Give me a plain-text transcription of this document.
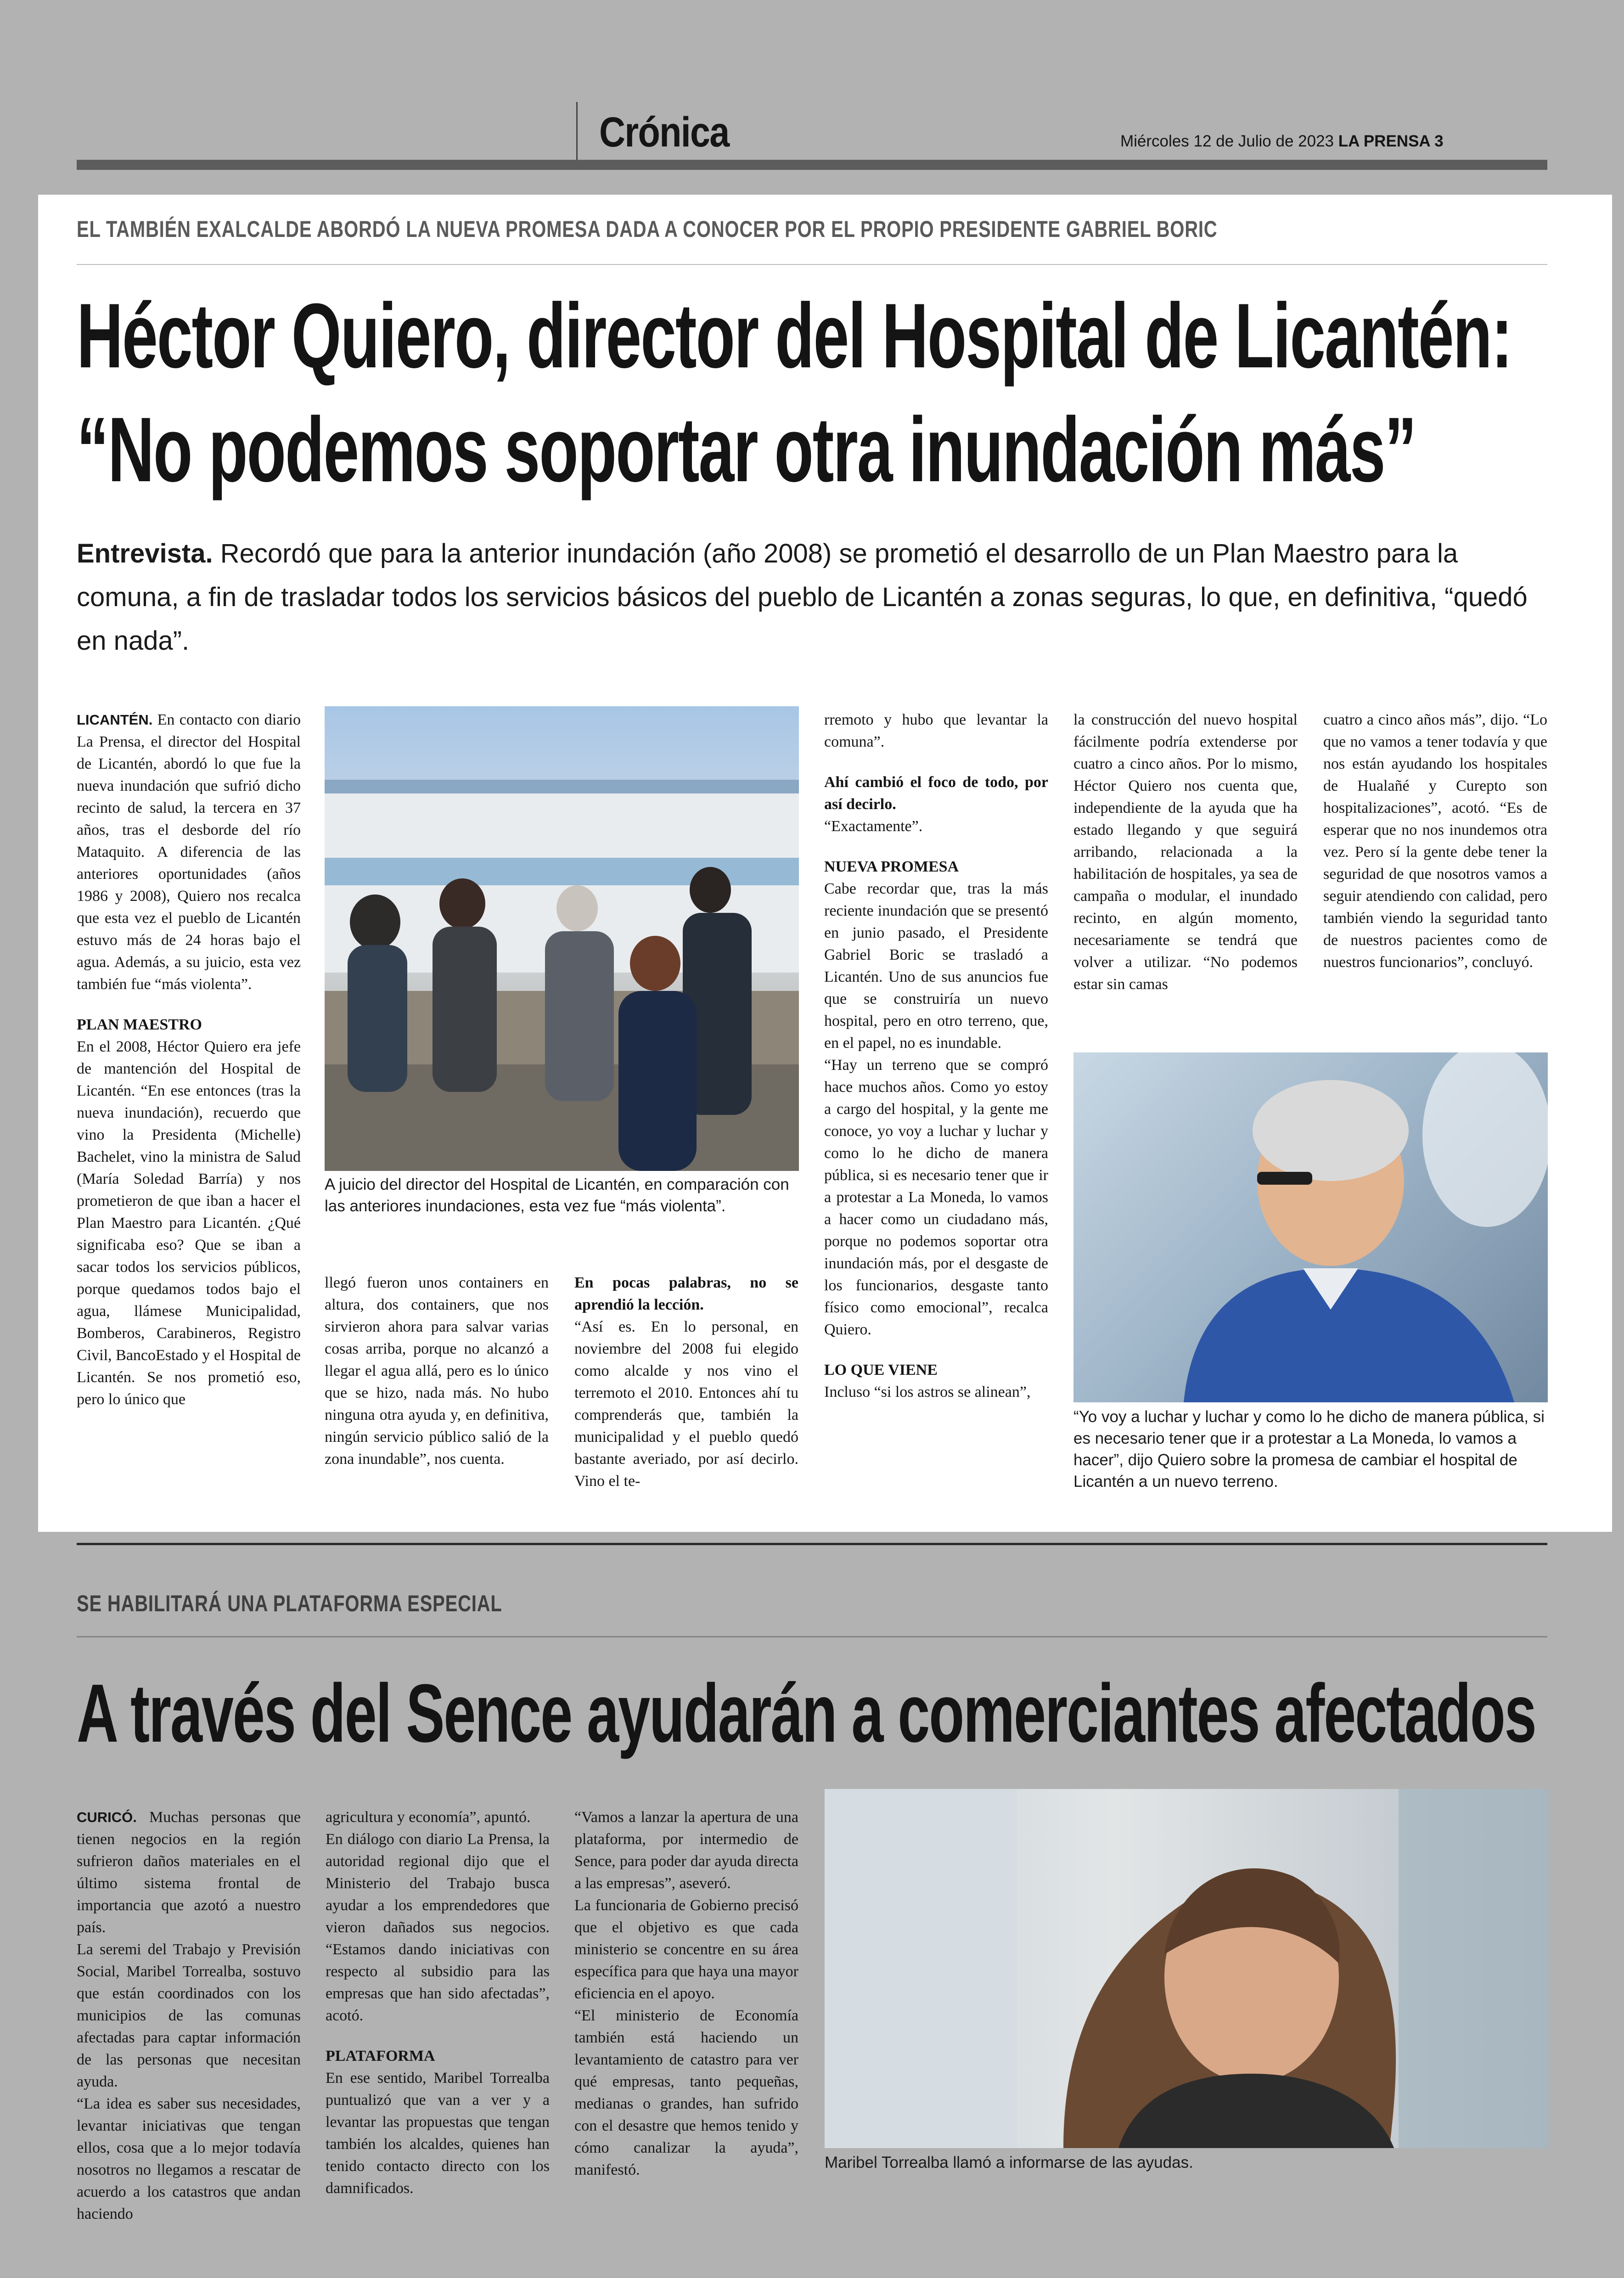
Crónica	Miércoles 12 de Julio de 2023 LA PRENSA 3
EL TAMBIÉN EXALCALDE ABORDÓ LA NUEVA PROMESA DADA A CONOCER POR EL PROPIO PRESIDENTE GABRIEL BORIC
Héctor Quiero, director del Hospital de Licantén:
“No podemos soportar otra inundación más”
Entrevista. Recordó que para la anterior inundación (año 2008) se prometió el desarrollo de un Plan Maestro para la comuna, a fin de trasladar todos los servicios básicos del pueblo de Licantén a zonas seguras, lo que, en definitiva, “quedó en nada”.

LICANTÉN. En contacto con diario La Prensa, el director del Hospital de Licantén, abordó lo que fue la nueva inundación que sufrió dicho recinto de salud, la tercera en 37 años, tras el desborde del río Mataquito. A diferencia de las anteriores oportunidades (años 1986 y 2008), Quiero nos recalca que esta vez el pueblo de Licantén estuvo más de 24 horas bajo el agua. Además, a su juicio, esta vez también fue “más violenta”.

PLAN MAESTRO

En el 2008, Héctor Quiero era jefe de mantención del Hospital de Licantén. “En ese entonces (tras la nueva inundación), recuerdo que vino la Presidenta (Michelle) Bachelet, vino la ministra de Salud (María Soledad Barría) y nos prometieron de que iban a hacer el Plan Maestro para Licantén. ¿Qué significaba eso? Que se iban a sacar todos los servicios públicos, porque quedamos todos bajo el agua, llámese Municipalidad, Bomberos, Carabineros, Registro Civil, BancoEstado y el Hospital de Licantén. Se nos prometió eso, pero lo único que

A juicio del director del Hospital de Licantén, en comparación con las anteriores inundaciones, esta vez fue “más violenta”.

llegó fueron unos containers en altura, dos containers, que nos sirvieron ahora para salvar varias cosas arriba, porque no alcanzó a llegar el agua allá, pero es lo único que se hizo, nada más. No hubo ninguna otra ayuda y, en definitiva, ningún servicio público salió de la zona inundable”, nos cuenta.

En pocas palabras, no se aprendió la lección.

“Así es. En lo personal, en noviembre del 2008 fui elegido como alcalde y nos vino el terremoto el 2010. Entonces ahí tu comprenderás que, también la municipalidad y el pueblo quedó bastante averiado, por así decirlo. Vino el te-

rremoto y hubo que levantar la comuna”.

Ahí cambió el foco de todo, por así decirlo.

“Exactamente”.

NUEVA PROMESA

Cabe recordar que, tras la más reciente inundación que se presentó en junio pasado, el Presidente Gabriel Boric se trasladó a Licantén. Uno de sus anuncios fue que se construiría un nuevo hospital, pero en otro terreno, que, en el papel, no es inundable.

“Hay un terreno que se compró hace muchos años. Como yo estoy a cargo del hospital, y la gente me conoce, yo voy a luchar y luchar y como lo he dicho de manera pública, si es necesario tener que ir a protestar a La Moneda, lo vamos a hacer como un ciudadano más, porque no podemos soportar otra inundación más, por el desgaste de los funcionarios, desgaste tanto físico como emocional”, recalca Quiero.

LO QUE VIENE

Incluso “si los astros se alinean”,

la construcción del nuevo hospital fácilmente podría extenderse por cuatro a cinco años. Por lo mismo, Héctor Quiero nos cuenta que, independiente de la ayuda que ha estado llegando y que seguirá arribando, relacionada a la habilitación de hospitales, ya sea de campaña o modular, el inundado recinto, en algún momento, necesariamente se tendrá que volver a utilizar. “No podemos estar sin camas

cuatro a cinco años más”, dijo. “Lo que no vamos a tener todavía y que nos están ayudando los hospitales de Hualañé y Curepto son hospitalizaciones”, acotó. “Es de esperar que no nos inundemos otra vez. Pero sí la gente debe tener la seguridad de que nosotros vamos a seguir atendiendo con calidad, pero también viendo la seguridad tanto de nuestros pacientes como de nuestros funcionarios”, concluyó.

“Yo voy a luchar y luchar y como lo he dicho de manera pública, si es necesario tener que ir a protestar a La Moneda, lo vamos a hacer”, dijo Quiero sobre la promesa de cambiar el hospital de Licantén a un nuevo terreno.
SE HABILITARÁ UNA PLATAFORMA ESPECIAL
A través del Sence ayudarán a comerciantes afectados

CURICÓ. Muchas personas que tienen negocios en la región sufrieron daños materiales en el último sistema frontal de importancia que azotó a nuestro país.

La seremi del Trabajo y Previsión Social, Maribel Torrealba, sostuvo que están coordinados con los municipios de las comunas afectadas para captar información de las personas que necesitan ayuda.

“La idea es saber sus necesidades, levantar iniciativas que tengan ellos, cosa que a lo mejor todavía nosotros no llegamos a rescatar de acuerdo a los catastros que andan haciendo

agricultura y economía”, apuntó.

En diálogo con diario La Prensa, la autoridad regional dijo que el Ministerio del Trabajo busca ayudar a los emprendedores que vieron dañados sus negocios. “Estamos dando iniciativas con respecto al subsidio para las empresas que han sido afectadas”, acotó.

PLATAFORMA

En ese sentido, Maribel Torrealba puntualizó que van a ver y a levantar las propuestas que tengan también los alcaldes, quienes han tenido contacto directo con los damnificados.

“Vamos a lanzar la apertura de una plataforma, por intermedio de Sence, para poder dar ayuda directa a las empresas”, aseveró.

La funcionaria de Gobierno precisó que el objetivo es que cada ministerio se concentre en su área específica para que haya una mayor eficiencia en el apoyo.

“El ministerio de Economía también está haciendo un levantamiento de catastro para ver qué empresas, tanto pequeñas, medianas o grandes, han sufrido con el desastre que hemos tenido y cómo canalizar la ayuda”, manifestó.	Maribel Torrealba llamó a informarse de las ayudas.
